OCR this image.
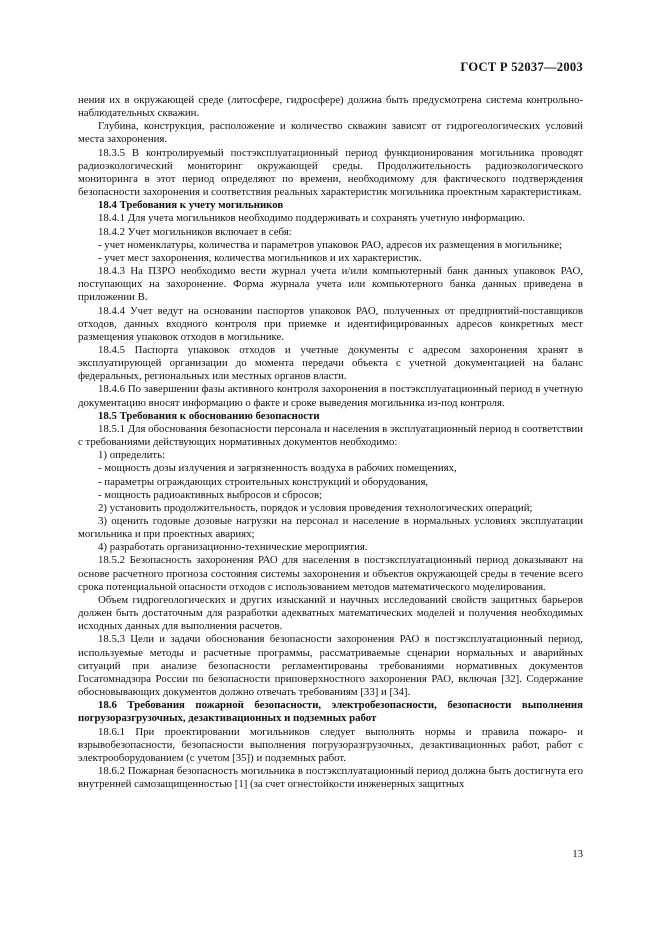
ГОСТ Р 52037—2003

нения их в окружающей среде (литосфере, гидросфере) должна быть предусмотрена система контрольно-наблюдательных скважин.

Глубина, конструкция, расположение и количество скважин зависят от гидрогеологических условий места захоронения.

18.3.5 В контролируемый постэксплуатационный период функционирования могильника проводят радиоэкологический мониторинг окружающей среды. Продолжительность радиоэкологического мониторинга в этот период определяют по времени, необходимому для фактического подтверждения безопасности захоронения и соответствия реальных характеристик могильника проектным характеристикам.

18.4 Требования к учету могильников

18.4.1 Для учета могильников необходимо поддерживать и сохранять учетную информацию.

18.4.2 Учет могильников включает в себя:

- учет номенклатуры, количества и параметров упаковок РАО, адресов их размещения в могильнике;

- учет мест захоронения, количества могильников и их характеристик.

18.4.3 На ПЗРО необходимо вести журнал учета и/или компьютерный банк данных упаковок РАО, поступающих на захоронение. Форма журнала учета или компьютерного банка данных приведена в приложении В.

18.4.4 Учет ведут на основании паспортов упаковок РАО, полученных от предприятий-поставщиков отходов, данных входного контроля при приемке и идентифицированных адресов конкретных мест размещения упаковок отходов в могильнике.

18.4.5 Паспорта упаковок отходов и учетные документы с адресом захоронения хранят в эксплуатирующей организации до момента передачи объекта с учетной документацией на баланс федеральных, региональных или местных органов власти.

18.4.6 По завершении фазы активного контроля захоронения в постэксплуатационный период в учетную документацию вносят информацию о факте и сроке выведения могильника из-под контроля.

18.5 Требования к обоснованию безопасности

18.5.1 Для обоснования безопасности персонала и населения в эксплуатационный период в соответствии с требованиями действующих нормативных документов необходимо:

1) определить:

- мощность дозы излучения и загрязненность воздуха в рабочих помещениях,

- параметры ограждающих строительных конструкций и оборудования,

- мощность радиоактивных выбросов и сбросов;

2) установить продолжительность, порядок и условия проведения технологических операций;

3) оценить годовые дозовые нагрузки на персонал и население в нормальных условиях эксплуатации могильника и при проектных авариях;

4) разработать организационно-технические мероприятия.

18.5.2 Безопасность захоронения РАО для населения в постэксплуатационный период доказывают на основе расчетного прогноза состояния системы захоронения и объектов окружающей среды в течение всего срока потенциальной опасности отходов с использованием методов математического моделирования.

Объем гидрогеологических и других изысканий и научных исследований свойств защитных барьеров должен быть достаточным для разработки адекватных математических моделей и получения необходимых исходных данных для выполнения расчетов.

18.5.3 Цели и задачи обоснования безопасности захоронения РАО в постэксплуатационный период, используемые методы и расчетные программы, рассматриваемые сценарии нормальных и аварийных ситуаций при анализе безопасности регламентированы требованиями нормативных документов Госатомнадзора России по безопасности приповерхностного захоронения РАО, включая [32]. Содержание обосновывающих документов должно отвечать требованиям [33] и [34].

18.6 Требования пожарной безопасности, электробезопасности, безопасности выполнения погрузоразгрузочных, дезактивационных и подземных работ

18.6.1 При проектировании могильников следует выполнять нормы и правила пожаро- и взрывобезопасности, безопасности выполнения погрузоразгрузочных, дезактивационных работ, работ с электрооборудованием (с учетом [35]) и подземных работ.

18.6.2 Пожарная безопасность могильника в постэксплуатационный период должна быть достигнута его внутренней самозащищенностью [1] (за счет огнестойкости инженерных защитных

13
